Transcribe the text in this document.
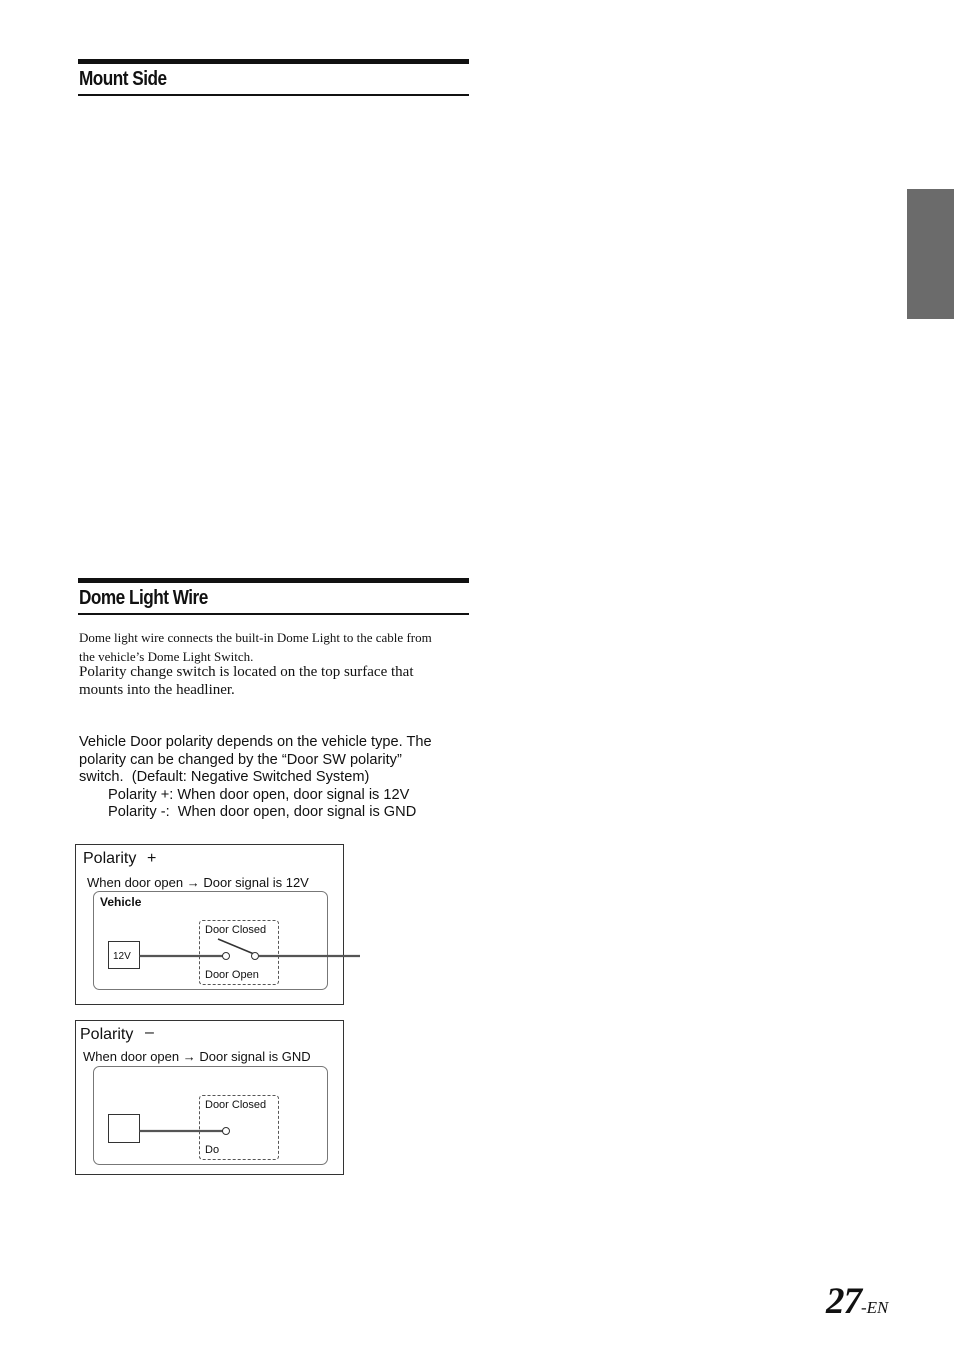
Mount Side
Dome Light Wire
Dome light wire connects the built-in Dome Light to the cable from
the vehicle’s Dome Light Switch.
Polarity change switch is located on the top surface that
mounts into the headliner.
Vehicle Door polarity depends on the vehicle type. The
polarity can be changed by the “Door SW polarity”
switch.  (Default: Negative Switched System)
Polarity +: When door open, door signal is 12V
Polarity -:  When door open, door signal is GND
Polarity +
When door open → Door signal is 12V
Vehicle
Door Closed
Door Open
12V
Polarity –
When door open → Door signal is GND
Door Closed
Do
27-EN
